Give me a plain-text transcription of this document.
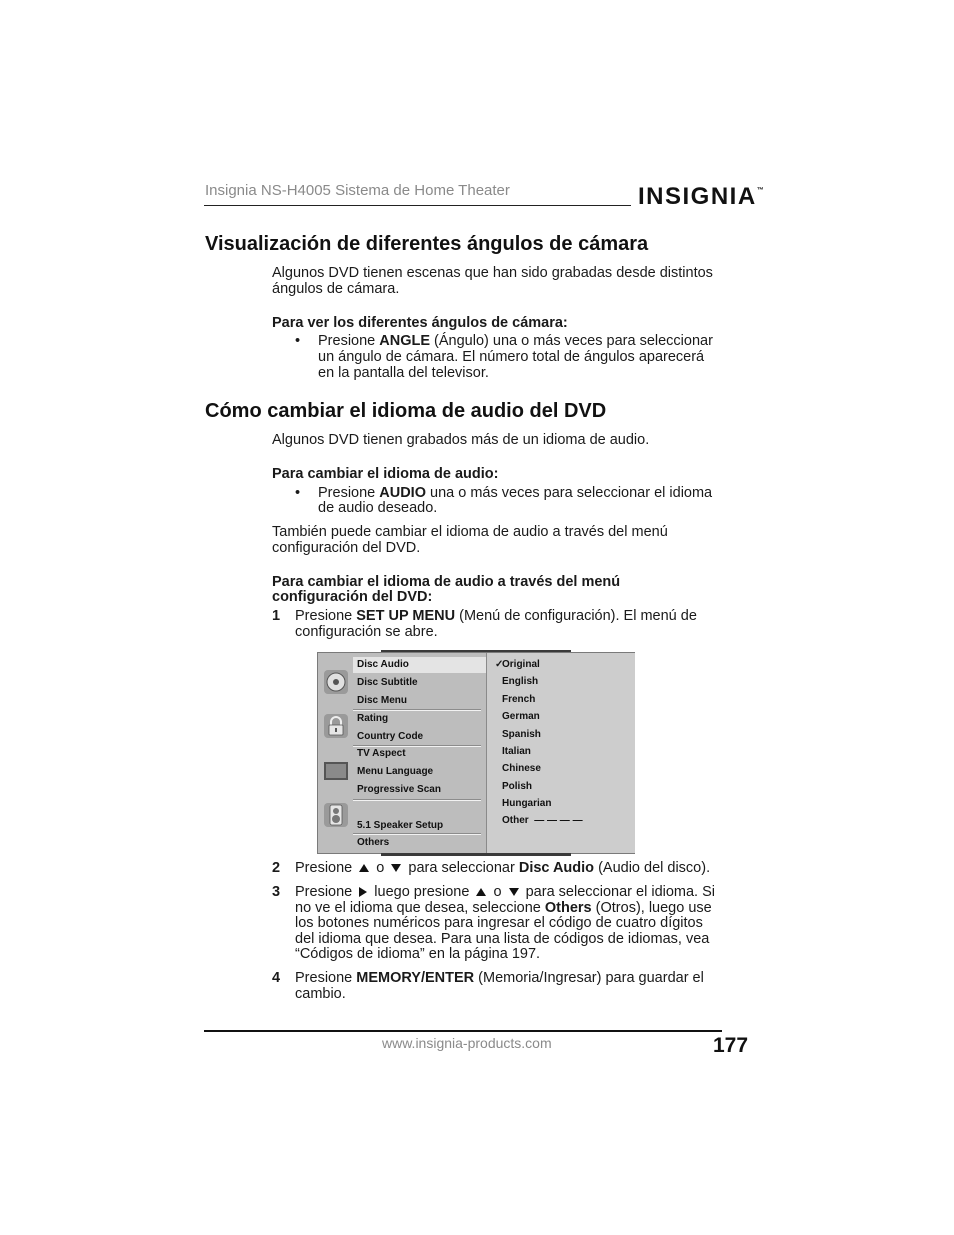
Insignia NS-H4005 Sistema de Home Theater	INSIGNIA™
Visualización de diferentes ángulos de cámara
Algunos DVD tienen escenas que han sido grabadas desde distintos
ángulos de cámara.
Para ver los diferentes ángulos de cámara:
• Presione ANGLE (Ángulo) una o más veces para seleccionar
un ángulo de cámara. El número total de ángulos aparecerá
en la pantalla del televisor.
Cómo cambiar el idioma de audio del DVD
Algunos DVD tienen grabados más de un idioma de audio.
Para cambiar el idioma de audio:
• Presione AUDIO una o más veces para seleccionar el idioma
de audio deseado.
También puede cambiar el idioma de audio a través del menú
configuración del DVD.
Para cambiar el idioma de audio a través del menú
configuración del DVD:
1 Presione SET UP MENU (Menú de configuración). El menú de
configuración se abre.
Disc Audio
Disc Subtitle
Disc Menu
Rating
Country Code
TV Aspect
Menu Language
Progressive Scan
5.1 Speaker Setup
Others
✓
Original
English
French
German
Spanish
Italian
Chinese
Polish
Hungarian
Other — — — —
2 Presione  o  para seleccionar Disc Audio (Audio del disco).
3 Presione  luego presione  o  para seleccionar el idioma. Si
no ve el idioma que desea, seleccione Others (Otros), luego use
los botones numéricos para ingresar el código de cuatro dígitos
del idioma que desea. Para una lista de códigos de idiomas, vea
“Códigos de idioma” en la página 197.
4 Presione MEMORY/ENTER (Memoria/Ingresar) para guardar el
cambio.
www.insignia-products.com	177
